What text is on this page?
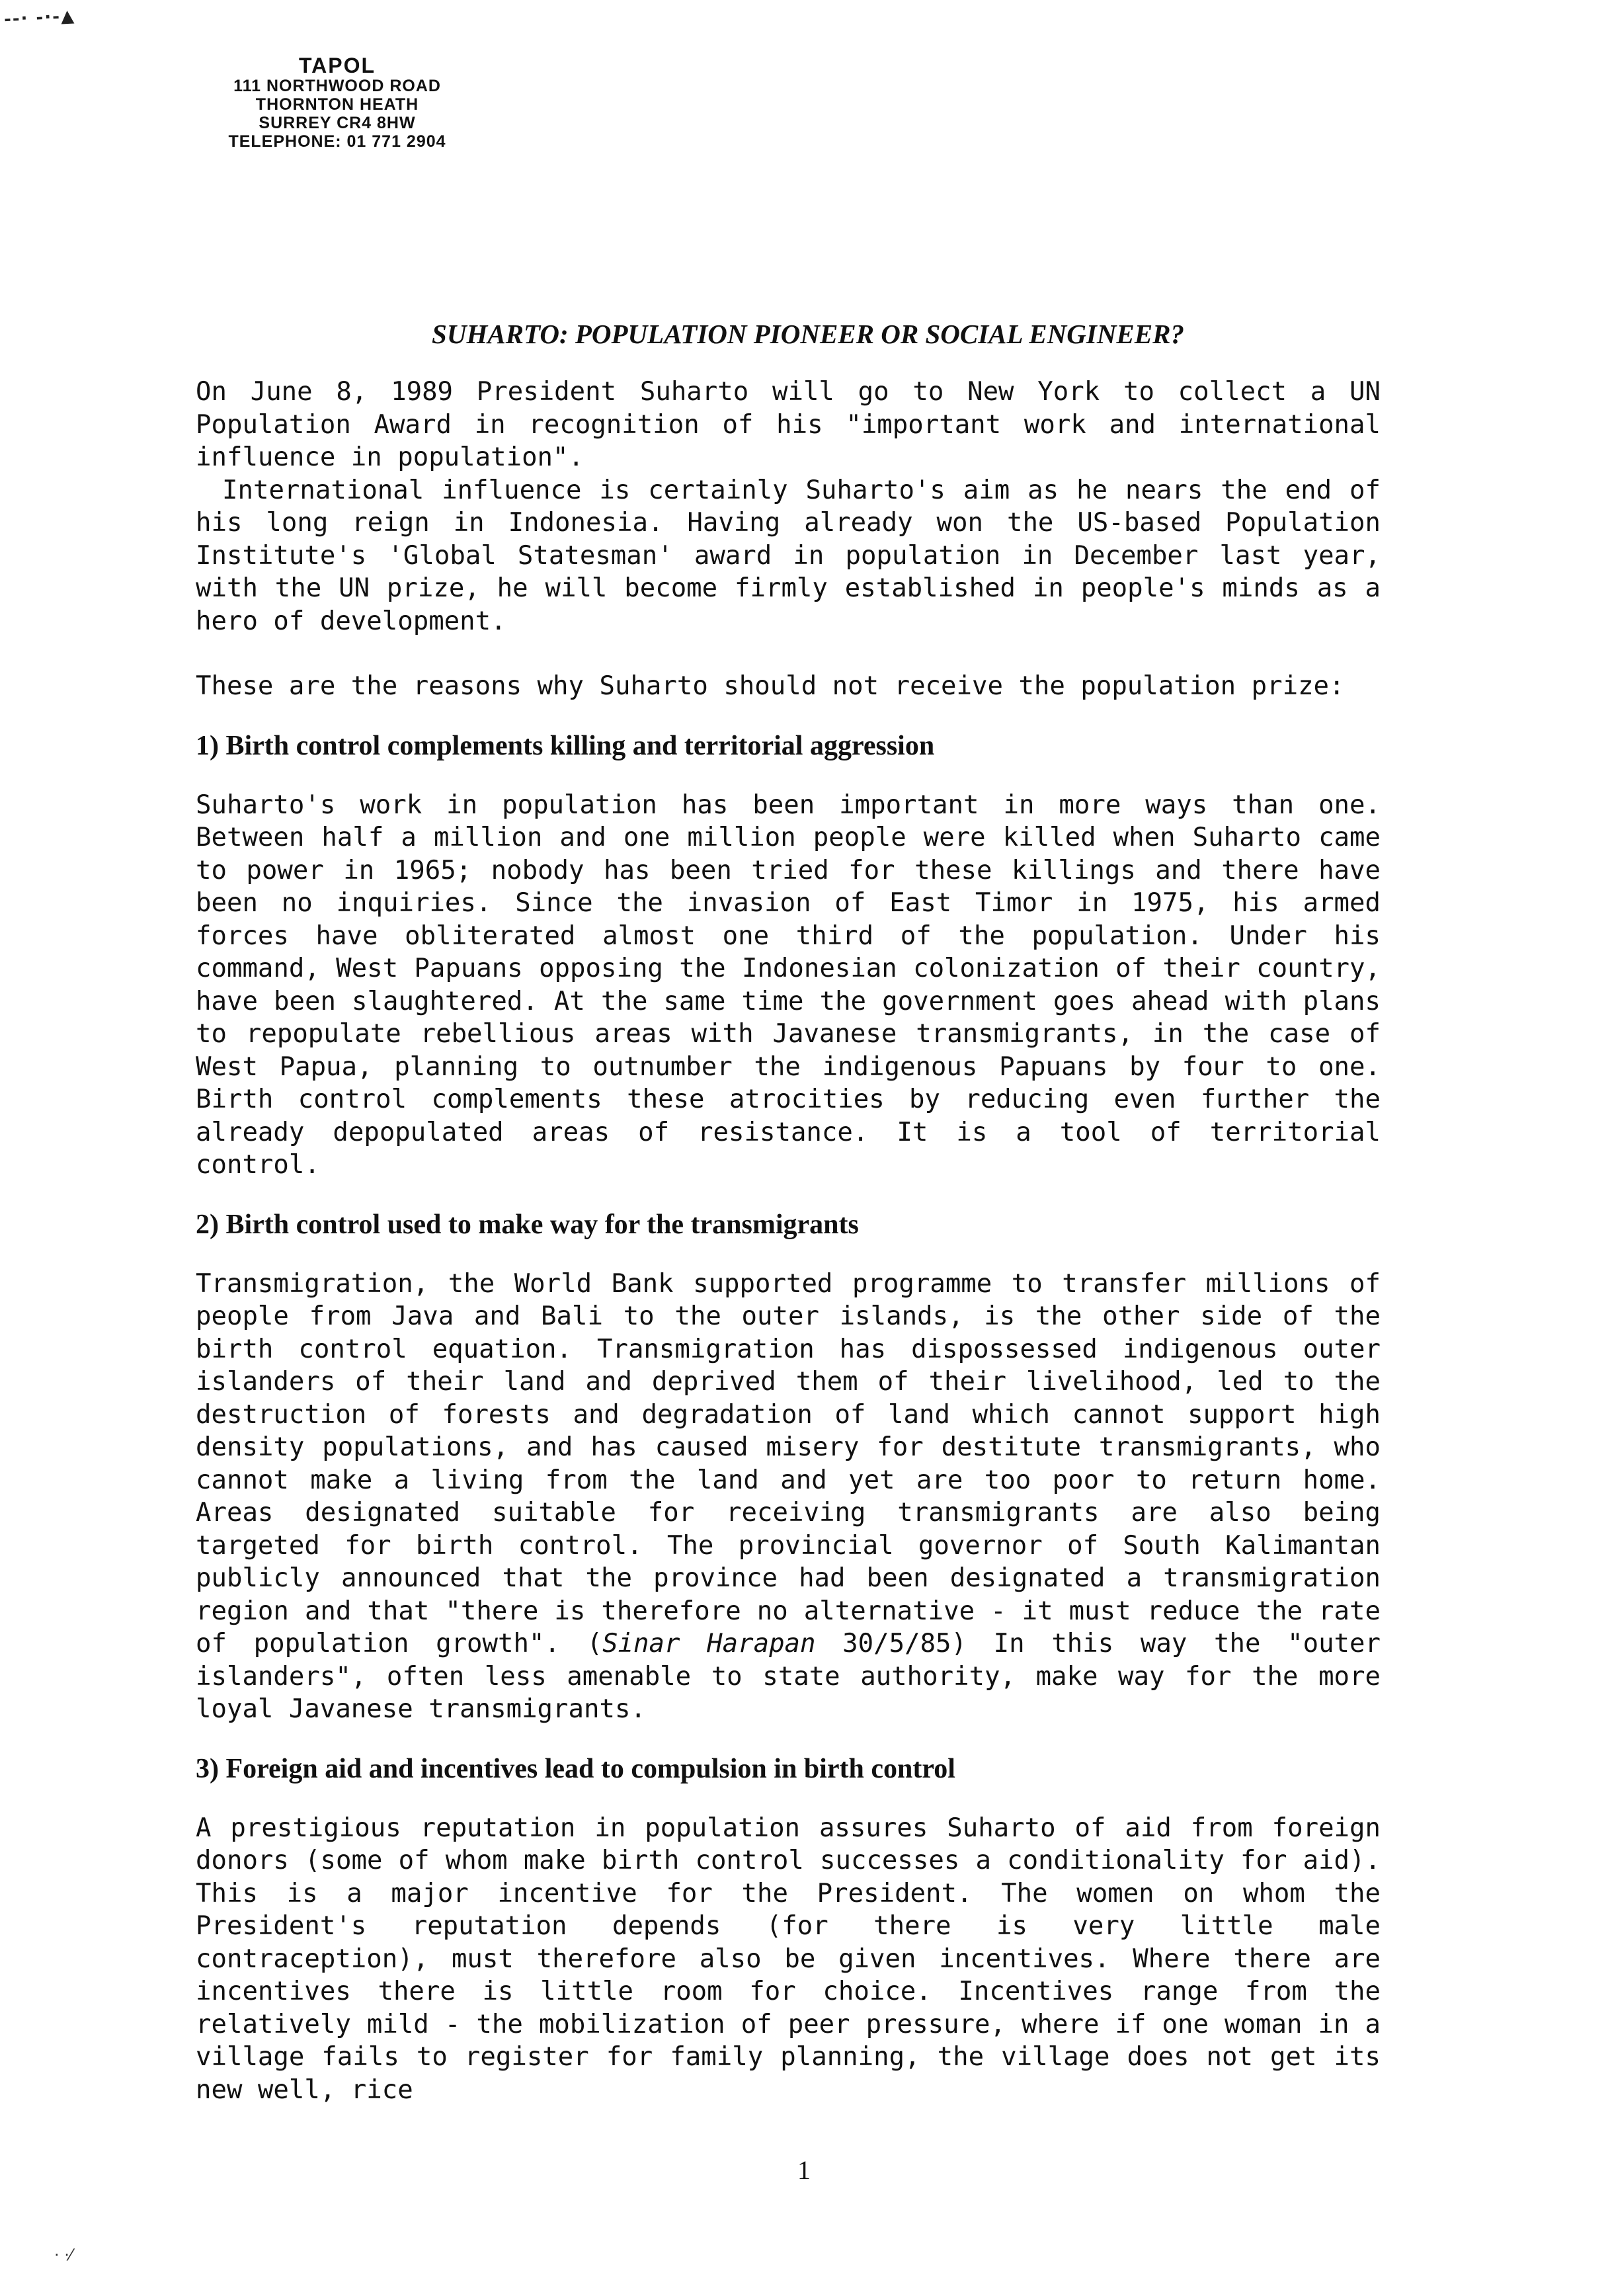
--· -·-▲
TAPOL
111 NORTHWOOD ROAD
THORNTON HEATH
SURREY CR4 8HW
TELEPHONE: 01 771 2904
SUHARTO: POPULATION PIONEER OR SOCIAL ENGINEER?

On June 8, 1989 President Suharto will go to New York to collect a UN Population Award in recognition of his "important work and international influence in population".

International influence is certainly Suharto's aim as he nears the end of his long reign in Indonesia. Having already won the US-based Population Institute's 'Global Statesman' award in population in December last year, with the UN prize, he will become firmly established in people's minds as a hero of development.

These are the reasons why Suharto should not receive the population prize:

1) Birth control complements killing and territorial aggression

Suharto's work in population has been important in more ways than one. Between half a million and one million people were killed when Suharto came to power in 1965; nobody has been tried for these killings and there have been no inquiries. Since the invasion of East Timor in 1975, his armed forces have obliterated almost one third of the population. Under his command, West Papuans opposing the Indonesian colonization of their country, have been slaughtered. At the same time the government goes ahead with plans to repopulate rebellious areas with Javanese transmigrants, in the case of West Papua, planning to outnumber the indigenous Papuans by four to one. Birth control complements these atrocities by reducing even further the already depopulated areas of resistance. It is a tool of territorial control.

2) Birth control used to make way for the transmigrants

Transmigration, the World Bank supported programme to transfer millions of people from Java and Bali to the outer islands, is the other side of the birth control equation. Transmigration has dispossessed indigenous outer islanders of their land and deprived them of their livelihood, led to the destruction of forests and degradation of land which cannot support high density populations, and has caused misery for destitute transmigrants, who cannot make a living from the land and yet are too poor to return home. Areas designated suitable for receiving transmigrants are also being targeted for birth control. The provincial governor of South Kalimantan publicly announced that the province had been designated a transmigration region and that "there is therefore no alternative - it must reduce the rate of population growth". (Sinar Harapan 30/5/85) In this way the "outer islanders", often less amenable to state authority, make way for the more loyal Javanese transmigrants.

3) Foreign aid and incentives lead to compulsion in birth control

A prestigious reputation in population assures Suharto of aid from foreign donors (some of whom make birth control successes a conditionality for aid). This is a major incentive for the President. The women on whom the President's reputation depends (for there is very little male contraception), must therefore also be given incentives. Where there are incentives there is little room for choice. Incentives range from the relatively mild - the mobilization of peer pressure, where if one woman in a village fails to register for family planning, the village does not get its new well, rice

1
· ·⁄
